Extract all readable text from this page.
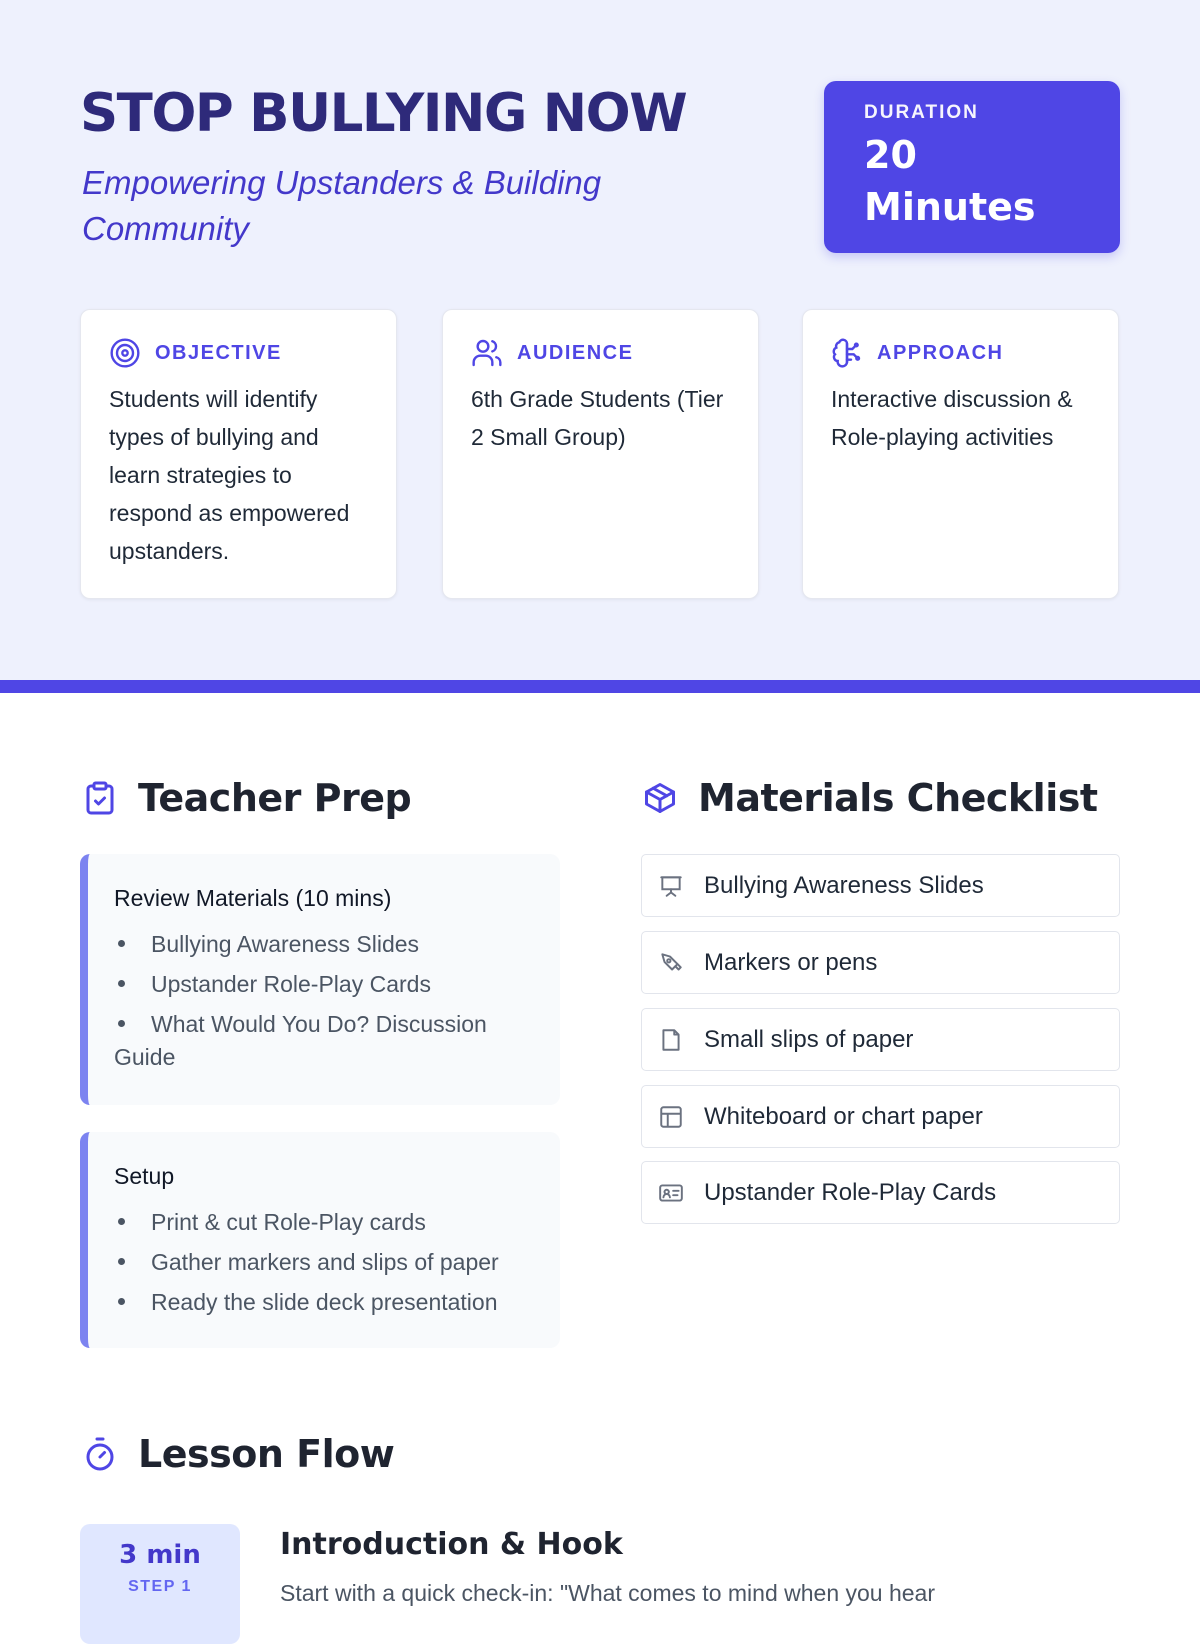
STOP BULLYING NOW

Empowering Upstanders & Building Community

DURATION
20 Minutes
OBJECTIVE
Students will identify types of bullying and learn strategies to respond as empowered upstanders.
AUDIENCE
6th Grade Students (Tier 2 Small Group)
APPROACH
Interactive discussion & Role-playing activities
Teacher Prep
Review Materials (10 mins)
Bullying Awareness Slides
Upstander Role-Play Cards
What Would You Do? Discussion Guide
Setup
Print & cut Role-Play cards
Gather markers and slips of paper
Ready the slide deck presentation
Materials Checklist
Bullying Awareness Slides
Markers or pens
Small slips of paper
Whiteboard or chart paper
Upstander Role-Play Cards
Lesson Flow
3 min
STEP 1
Introduction & Hook

Start with a quick check-in: "What comes to mind when you hear
